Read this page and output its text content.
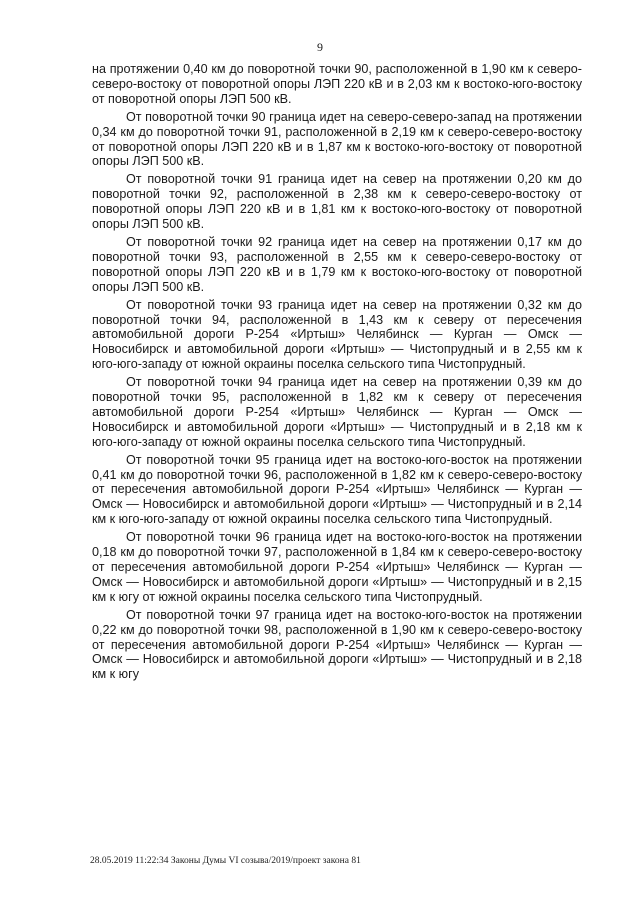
9

на протяжении 0,40 км до поворотной точки 90, расположенной в 1,90 км к северо-северо-востоку от поворотной опоры ЛЭП 220 кВ и в 2,03 км к востоко-юго-востоку от поворотной опоры ЛЭП 500 кВ.

От поворотной точки 90 граница идет на северо-северо-запад на протяжении 0,34 км до поворотной точки 91, расположенной в 2,19 км к северо-северо-востоку от поворотной опоры ЛЭП 220 кВ и в 1,87 км к востоко-юго-востоку от поворотной опоры ЛЭП 500 кВ.

От поворотной точки 91 граница идет на север на протяжении 0,20 км до поворотной точки 92, расположенной в 2,38 км к северо-северо-востоку от поворотной опоры ЛЭП 220 кВ и в 1,81 км к востоко-юго-востоку от поворотной опоры ЛЭП 500 кВ.

От поворотной точки 92 граница идет на север на протяжении 0,17 км до поворотной точки 93, расположенной в 2,55 км к северо-северо-востоку от поворотной опоры ЛЭП 220 кВ и в 1,79 км к востоко-юго-востоку от поворотной опоры ЛЭП 500 кВ.

От поворотной точки 93 граница идет на север на протяжении 0,32 км до поворотной точки 94, расположенной в 1,43 км к северу от пересечения автомобильной дороги Р-254 «Иртыш» Челябинск — Курган — Омск — Новосибирск и автомобильной дороги «Иртыш» — Чистопрудный и в 2,55 км к юго-юго-западу от южной окраины поселка сельского типа Чистопрудный.

От поворотной точки 94 граница идет на север на протяжении 0,39 км до поворотной точки 95, расположенной в 1,82 км к северу от пересечения автомобильной дороги Р-254 «Иртыш» Челябинск — Курган — Омск — Новосибирск и автомобильной дороги «Иртыш» — Чистопрудный и в 2,18 км к юго-юго-западу от южной окраины поселка сельского типа Чистопрудный.

От поворотной точки 95 граница идет на востоко-юго-восток на протяжении 0,41 км до поворотной точки 96, расположенной в 1,82 км к северо-северо-востоку от пересечения автомобильной дороги Р-254 «Иртыш» Челябинск — Курган — Омск — Новосибирск и автомобильной дороги «Иртыш» — Чистопрудный и в 2,14 км к юго-юго-западу от южной окраины поселка сельского типа Чистопрудный.

От поворотной точки 96 граница идет на востоко-юго-восток на протяжении 0,18 км до поворотной точки 97, расположенной в 1,84 км к северо-северо-востоку от пересечения автомобильной дороги Р-254 «Иртыш» Челябинск — Курган — Омск — Новосибирск и автомобильной дороги «Иртыш» — Чистопрудный и в 2,15 км к югу от южной окраины поселка сельского типа Чистопрудный.

От поворотной точки 97 граница идет на востоко-юго-восток на протяжении 0,22 км до поворотной точки 98, расположенной в 1,90 км к северо-северо-востоку от пересечения автомобильной дороги Р-254 «Иртыш» Челябинск — Курган — Омск — Новосибирск и автомобильной дороги «Иртыш» — Чистопрудный и в 2,18 км к югу

28.05.2019 11:22:34 Законы Думы VI созыва/2019/проект закона 81
